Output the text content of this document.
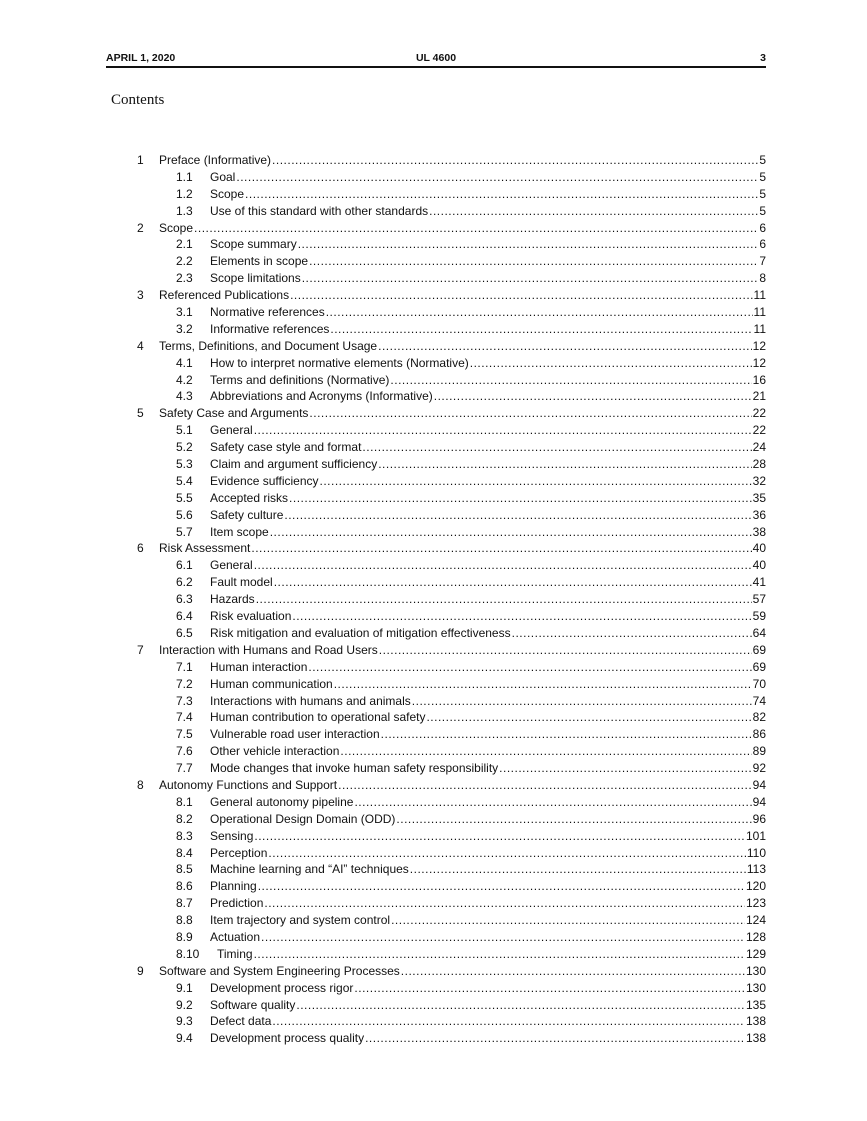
APRIL 1, 2020	UL 4600	3
Contents
1 Preface (Informative) .....	5
1.1 Goal .....	5
1.2 Scope .....	5
1.3 Use of this standard with other standards .....	5
2 Scope .....	6
2.1 Scope summary .....	6
2.2 Elements in scope .....	7
2.3 Scope limitations .....	8
3 Referenced Publications .....	11
3.1 Normative references .....	11
3.2 Informative references .....	11
4 Terms, Definitions, and Document Usage .....	12
4.1 How to interpret normative elements (Normative) .....	12
4.2 Terms and definitions (Normative) .....	16
4.3 Abbreviations and Acronyms (Informative) .....	21
5 Safety Case and Arguments .....	22
5.1 General .....	22
5.2 Safety case style and format .....	24
5.3 Claim and argument sufficiency .....	28
5.4 Evidence sufficiency .....	32
5.5 Accepted risks .....	35
5.6 Safety culture .....	36
5.7 Item scope .....	38
6 Risk Assessment .....	40
6.1 General .....	40
6.2 Fault model .....	41
6.3 Hazards .....	57
6.4 Risk evaluation .....	59
6.5 Risk mitigation and evaluation of mitigation effectiveness .....	64
7 Interaction with Humans and Road Users .....	69
7.1 Human interaction .....	69
7.2 Human communication .....	70
7.3 Interactions with humans and animals .....	74
7.4 Human contribution to operational safety .....	82
7.5 Vulnerable road user interaction .....	86
7.6 Other vehicle interaction .....	89
7.7 Mode changes that invoke human safety responsibility .....	92
8 Autonomy Functions and Support .....	94
8.1 General autonomy pipeline .....	94
8.2 Operational Design Domain (ODD) .....	96
8.3 Sensing .....	101
8.4 Perception .....	110
8.5 Machine learning and “AI” techniques .....	113
8.6 Planning .....	120
8.7 Prediction .....	123
8.8 Item trajectory and system control .....	124
8.9 Actuation .....	128
8.10 Timing .....	129
9 Software and System Engineering Processes .....	130
9.1 Development process rigor .....	130
9.2 Software quality .....	135
9.3 Defect data .....	138
9.4 Development process quality .....	138
